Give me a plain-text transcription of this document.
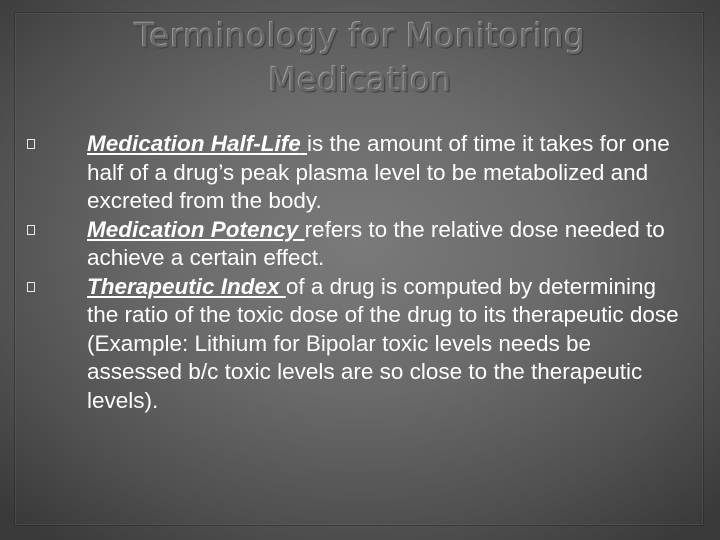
Terminology for Monitoring Medication
Medication Half-Life is the amount of time it takes for one half of a drug’s peak plasma level to be metabolized and excreted from the body.
Medication Potency refers to the relative dose needed to achieve a certain effect.
Therapeutic Index of a drug is computed by determining the ratio of the toxic dose of the drug to its therapeutic dose (Example: Lithium for Bipolar toxic levels needs be assessed b/c toxic levels are so close to the therapeutic levels).
